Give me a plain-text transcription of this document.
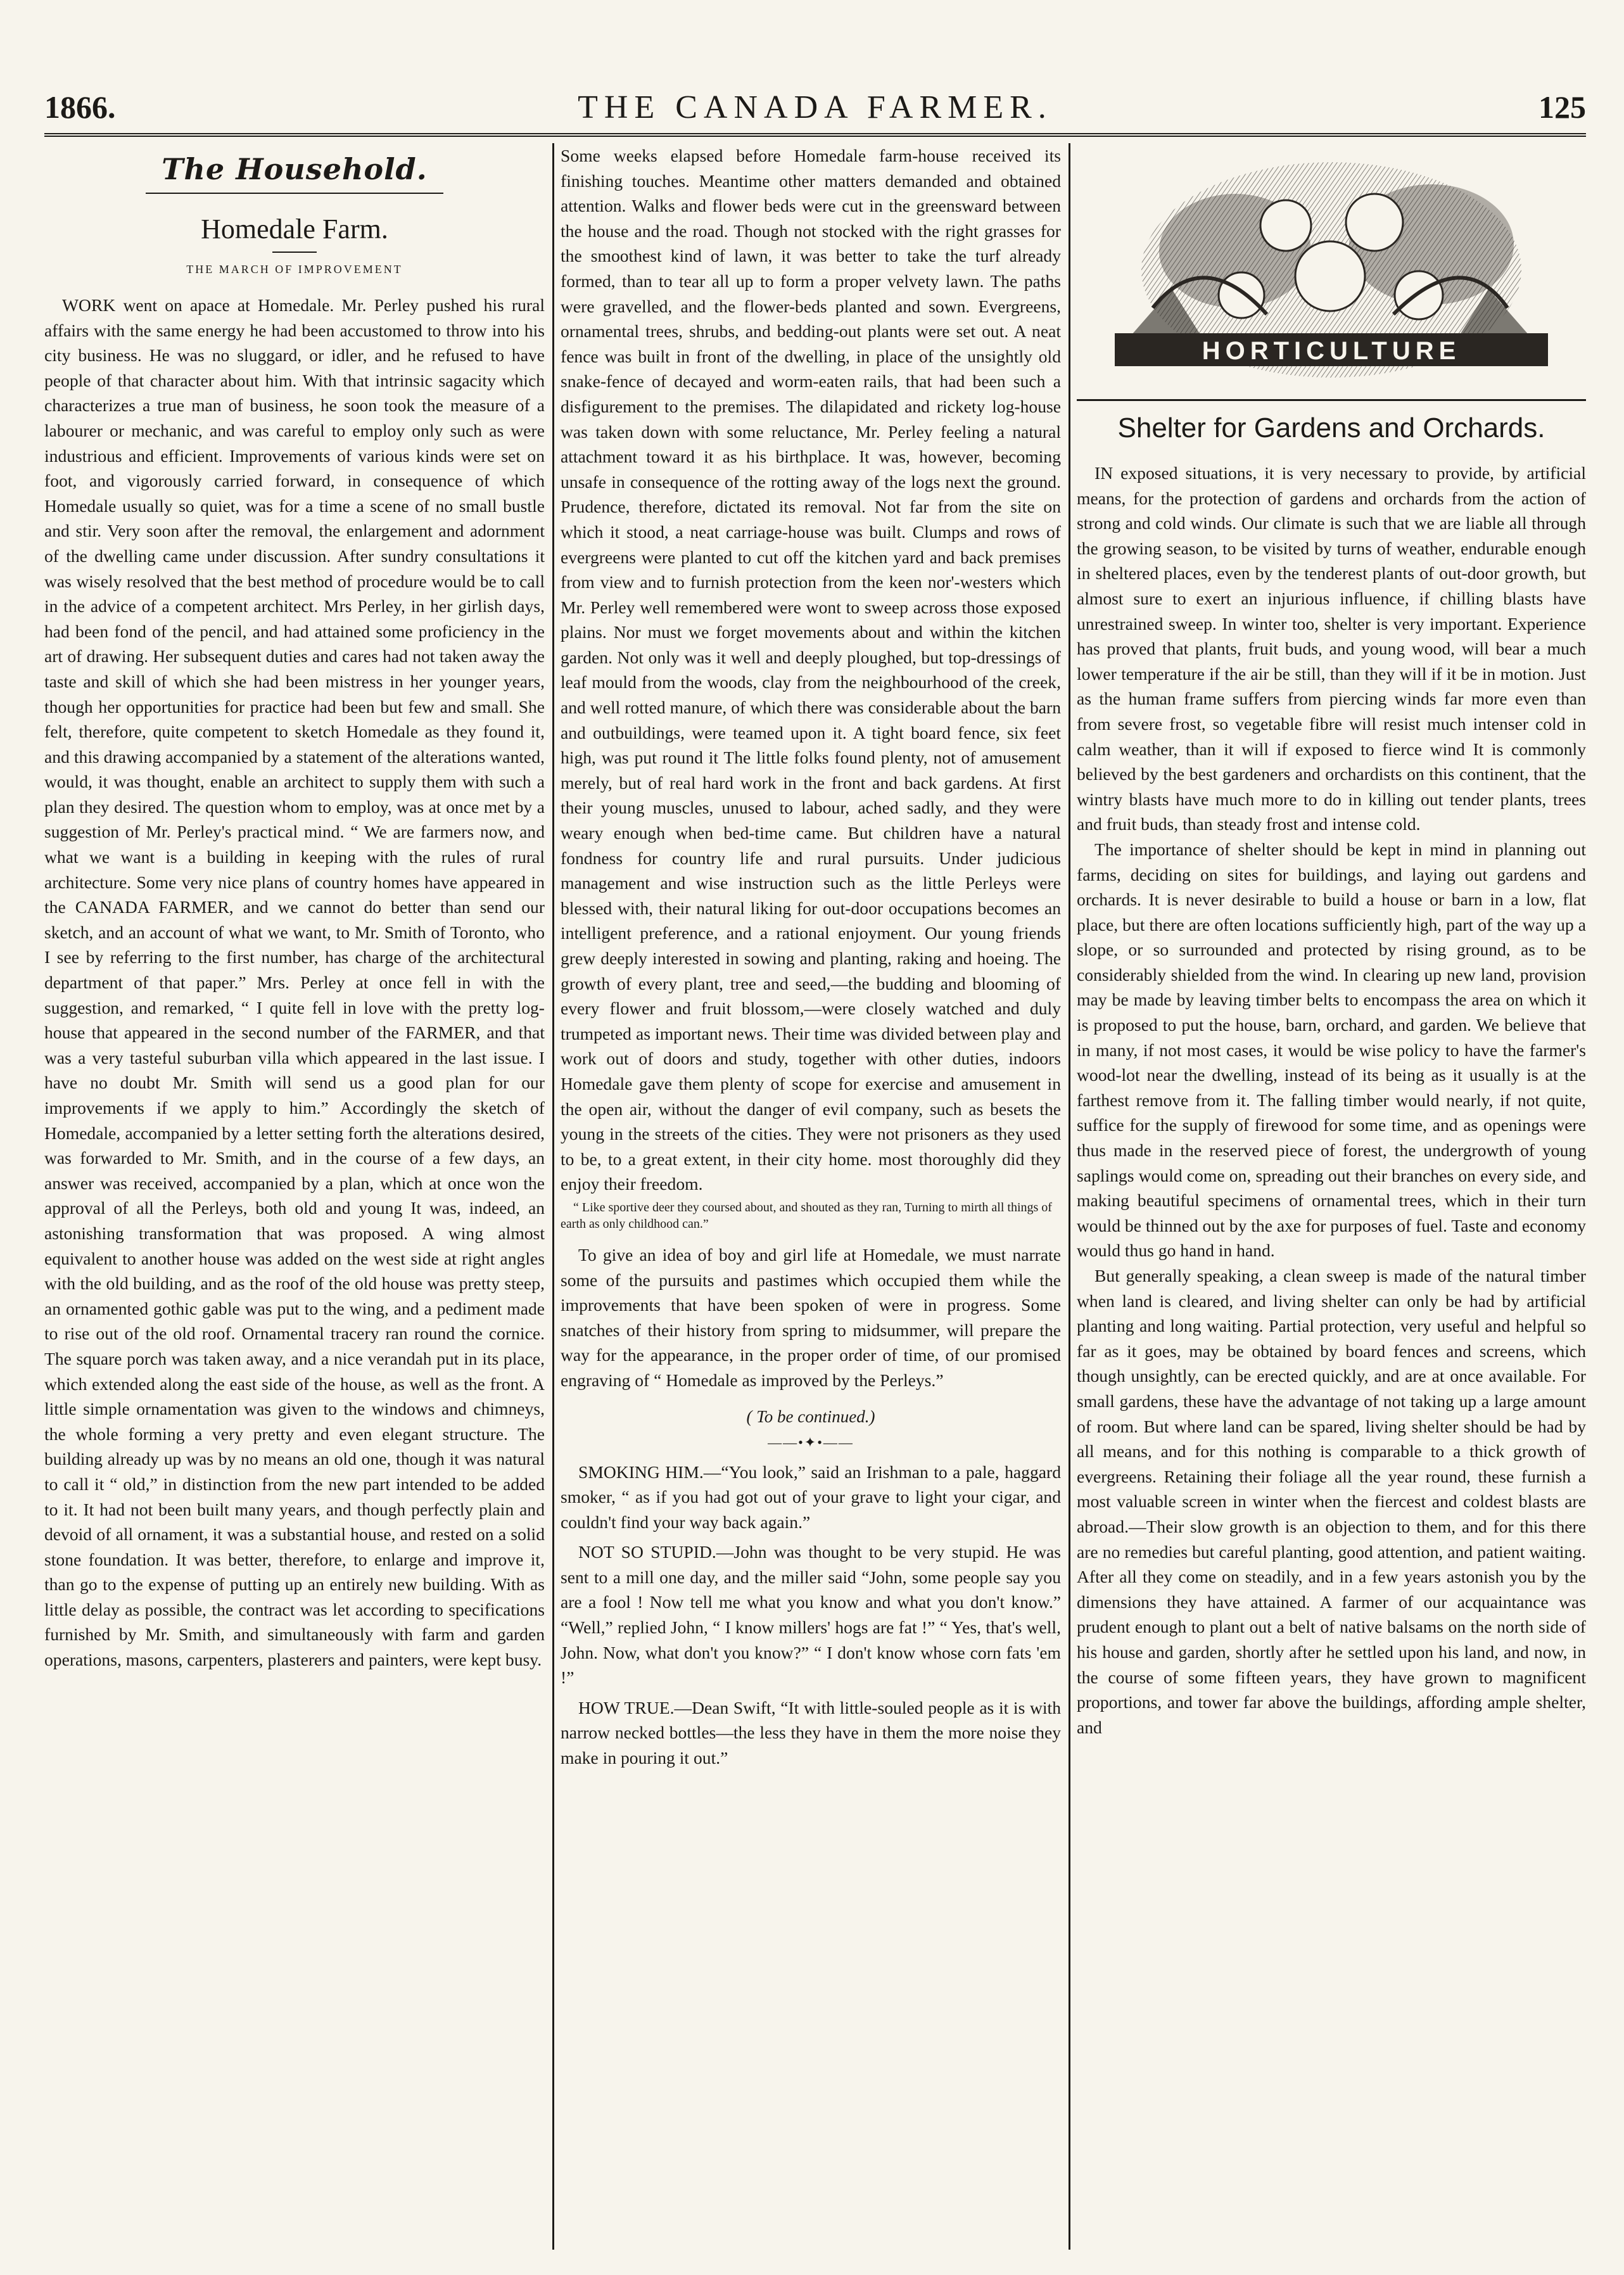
1866.	THE CANADA FARMER.	125
The Household.
Homedale Farm.
THE MARCH OF IMPROVEMENT

WORK went on apace at Homedale. Mr. Perley pushed his rural affairs with the same energy he had been accustomed to throw into his city business. He was no sluggard, or idler, and he refused to have people of that character about him. With that intrinsic sagacity which characterizes a true man of business, he soon took the measure of a labourer or mechanic, and was careful to employ only such as were industrious and efficient. Improvements of various kinds were set on foot, and vigorously carried forward, in consequence of which Homedale usually so quiet, was for a time a scene of no small bustle and stir. Very soon after the removal, the enlargement and adornment of the dwelling came under discussion. After sundry consultations it was wisely resolved that the best method of procedure would be to call in the advice of a competent architect. Mrs Perley, in her girlish days, had been fond of the pencil, and had attained some proficiency in the art of drawing. Her subsequent duties and cares had not taken away the taste and skill of which she had been mistress in her younger years, though her opportunities for practice had been but few and small. She felt, therefore, quite competent to sketch Homedale as they found it, and this drawing accompanied by a statement of the alterations wanted, would, it was thought, enable an architect to supply them with such a plan they desired. The question whom to employ, was at once met by a suggestion of Mr. Perley's practical mind. “ We are farmers now, and what we want is a building in keeping with the rules of rural architecture. Some very nice plans of country homes have appeared in the CANADA FARMER, and we cannot do better than send our sketch, and an account of what we want, to Mr. Smith of Toronto, who I see by referring to the first number, has charge of the architectural department of that paper.” Mrs. Perley at once fell in with the suggestion, and remarked, “ I quite fell in love with the pretty log-house that appeared in the second number of the FARMER, and that was a very tasteful suburban villa which appeared in the last issue. I have no doubt Mr. Smith will send us a good plan for our improvements if we apply to him.” Accordingly the sketch of Homedale, accompanied by a letter setting forth the alterations desired, was forwarded to Mr. Smith, and in the course of a few days, an answer was received, accompanied by a plan, which at once won the approval of all the Perleys, both old and young It was, indeed, an astonishing transformation that was proposed. A wing almost equivalent to another house was added on the west side at right angles with the old building, and as the roof of the old house was pretty steep, an ornamented gothic gable was put to the wing, and a pediment made to rise out of the old roof. Ornamental tracery ran round the cornice. The square porch was taken away, and a nice verandah put in its place, which extended along the east side of the house, as well as the front. A little simple ornamentation was given to the windows and chimneys, the whole forming a very pretty and even elegant structure. The building already up was by no means an old one, though it was natural to call it “ old,” in distinction from the new part intended to be added to it. It had not been built many years, and though perfectly plain and devoid of all ornament, it was a substantial house, and rested on a solid stone foundation. It was better, therefore, to enlarge and improve it, than go to the expense of putting up an entirely new building. With as little delay as possible, the contract was let according to specifications furnished by Mr. Smith, and simultaneously with farm and garden operations, masons, carpenters, plasterers and painters, were kept busy.

Some weeks elapsed before Homedale farm-house received its finishing touches. Meantime other matters demanded and obtained attention. Walks and flower beds were cut in the greensward between the house and the road. Though not stocked with the right grasses for the smoothest kind of lawn, it was better to take the turf already formed, than to tear all up to form a proper velvety lawn. The paths were gravelled, and the flower-beds planted and sown. Evergreens, ornamental trees, shrubs, and bedding-out plants were set out. A neat fence was built in front of the dwelling, in place of the unsightly old snake-fence of decayed and worm-eaten rails, that had been such a disfigurement to the premises. The dilapidated and rickety log-house was taken down with some reluctance, Mr. Perley feeling a natural attachment toward it as his birthplace. It was, however, becoming unsafe in consequence of the rotting away of the logs next the ground. Prudence, therefore, dictated its removal. Not far from the site on which it stood, a neat carriage-house was built. Clumps and rows of evergreens were planted to cut off the kitchen yard and back premises from view and to furnish protection from the keen nor'-westers which Mr. Perley well remembered were wont to sweep across those exposed plains. Nor must we forget movements about and within the kitchen garden. Not only was it well and deeply ploughed, but top-dressings of leaf mould from the woods, clay from the neighbourhood of the creek, and well rotted manure, of which there was considerable about the barn and outbuildings, were teamed upon it. A tight board fence, six feet high, was put round it The little folks found plenty, not of amusement merely, but of real hard work in the front and back gardens. At first their young muscles, unused to labour, ached sadly, and they were weary enough when bed-time came. But children have a natural fondness for country life and rural pursuits. Under judicious management and wise instruction such as the little Perleys were blessed with, their natural liking for out-door occupations becomes an intelligent preference, and a rational enjoyment. Our young friends grew deeply interested in sowing and planting, raking and hoeing. The growth of every plant, tree and seed,—the budding and blooming of every flower and fruit blossom,—were closely watched and duly trumpeted as important news. Their time was divided between play and work out of doors and study, together with other duties, indoors Homedale gave them plenty of scope for exercise and amusement in the open air, without the danger of evil company, such as besets the young in the streets of the cities. They were not prisoners as they used to be, to a great extent, in their city home. most thoroughly did they enjoy their freedom.

“ Like sportive deer they coursed about, and shouted as they ran, Turning to mirth all things of earth as only childhood can.”

To give an idea of boy and girl life at Homedale, we must narrate some of the pursuits and pastimes which occupied them while the improvements that have been spoken of were in progress. Some snatches of their history from spring to midsummer, will prepare the way for the appearance, in the proper order of time, of our promised engraving of “ Homedale as improved by the Perleys.”

( To be continued.)
——•✦•——

SMOKING HIM.—“You look,” said an Irishman to a pale, haggard smoker, “ as if you had got out of your grave to light your cigar, and couldn't find your way back again.”

NOT SO STUPID.—John was thought to be very stupid. He was sent to a mill one day, and the miller said “John, some people say you are a fool ! Now tell me what you know and what you don't know.” “Well,” replied John, “ I know millers' hogs are fat !” “ Yes, that's well, John. Now, what don't you know?” “ I don't know whose corn fats 'em !”

HOW TRUE.—Dean Swift, “It with little-souled people as it is with narrow necked bottles—the less they have in them the more noise they make in pouring it out.”

HORTICULTURE
Shelter for Gardens and Orchards.

IN exposed situations, it is very necessary to provide, by artificial means, for the protection of gardens and orchards from the action of strong and cold winds. Our climate is such that we are liable all through the growing season, to be visited by turns of weather, endurable enough in sheltered places, even by the tenderest plants of out-door growth, but almost sure to exert an injurious influence, if chilling blasts have unrestrained sweep. In winter too, shelter is very important. Experience has proved that plants, fruit buds, and young wood, will bear a much lower temperature if the air be still, than they will if it be in motion. Just as the human frame suffers from piercing winds far more even than from severe frost, so vegetable fibre will resist much intenser cold in calm weather, than it will if exposed to fierce wind It is commonly believed by the best gardeners and orchardists on this continent, that the wintry blasts have much more to do in killing out tender plants, trees and fruit buds, than steady frost and intense cold.

The importance of shelter should be kept in mind in planning out farms, deciding on sites for buildings, and laying out gardens and orchards. It is never desirable to build a house or barn in a low, flat place, but there are often locations sufficiently high, part of the way up a slope, or so surrounded and protected by rising ground, as to be considerably shielded from the wind. In clearing up new land, provision may be made by leaving timber belts to encompass the area on which it is proposed to put the house, barn, orchard, and garden. We believe that in many, if not most cases, it would be wise policy to have the farmer's wood-lot near the dwelling, instead of its being as it usually is at the farthest remove from it. The falling timber would nearly, if not quite, suffice for the supply of firewood for some time, and as openings were thus made in the reserved piece of forest, the undergrowth of young saplings would come on, spreading out their branches on every side, and making beautiful specimens of ornamental trees, which in their turn would be thinned out by the axe for purposes of fuel. Taste and economy would thus go hand in hand.

But generally speaking, a clean sweep is made of the natural timber when land is cleared, and living shelter can only be had by artificial planting and long waiting. Partial protection, very useful and helpful so far as it goes, may be obtained by board fences and screens, which though unsightly, can be erected quickly, and are at once available. For small gardens, these have the advantage of not taking up a large amount of room. But where land can be spared, living shelter should be had by all means, and for this nothing is comparable to a thick growth of evergreens. Retaining their foliage all the year round, these furnish a most valuable screen in winter when the fiercest and coldest blasts are abroad.—Their slow growth is an objection to them, and for this there are no remedies but careful planting, good attention, and patient waiting. After all they come on steadily, and in a few years astonish you by the dimensions they have attained. A farmer of our acquaintance was prudent enough to plant out a belt of native balsams on the north side of his house and garden, shortly after he settled upon his land, and now, in the course of some fifteen years, they have grown to magnificent proportions, and tower far above the buildings, affording ample shelter, and
